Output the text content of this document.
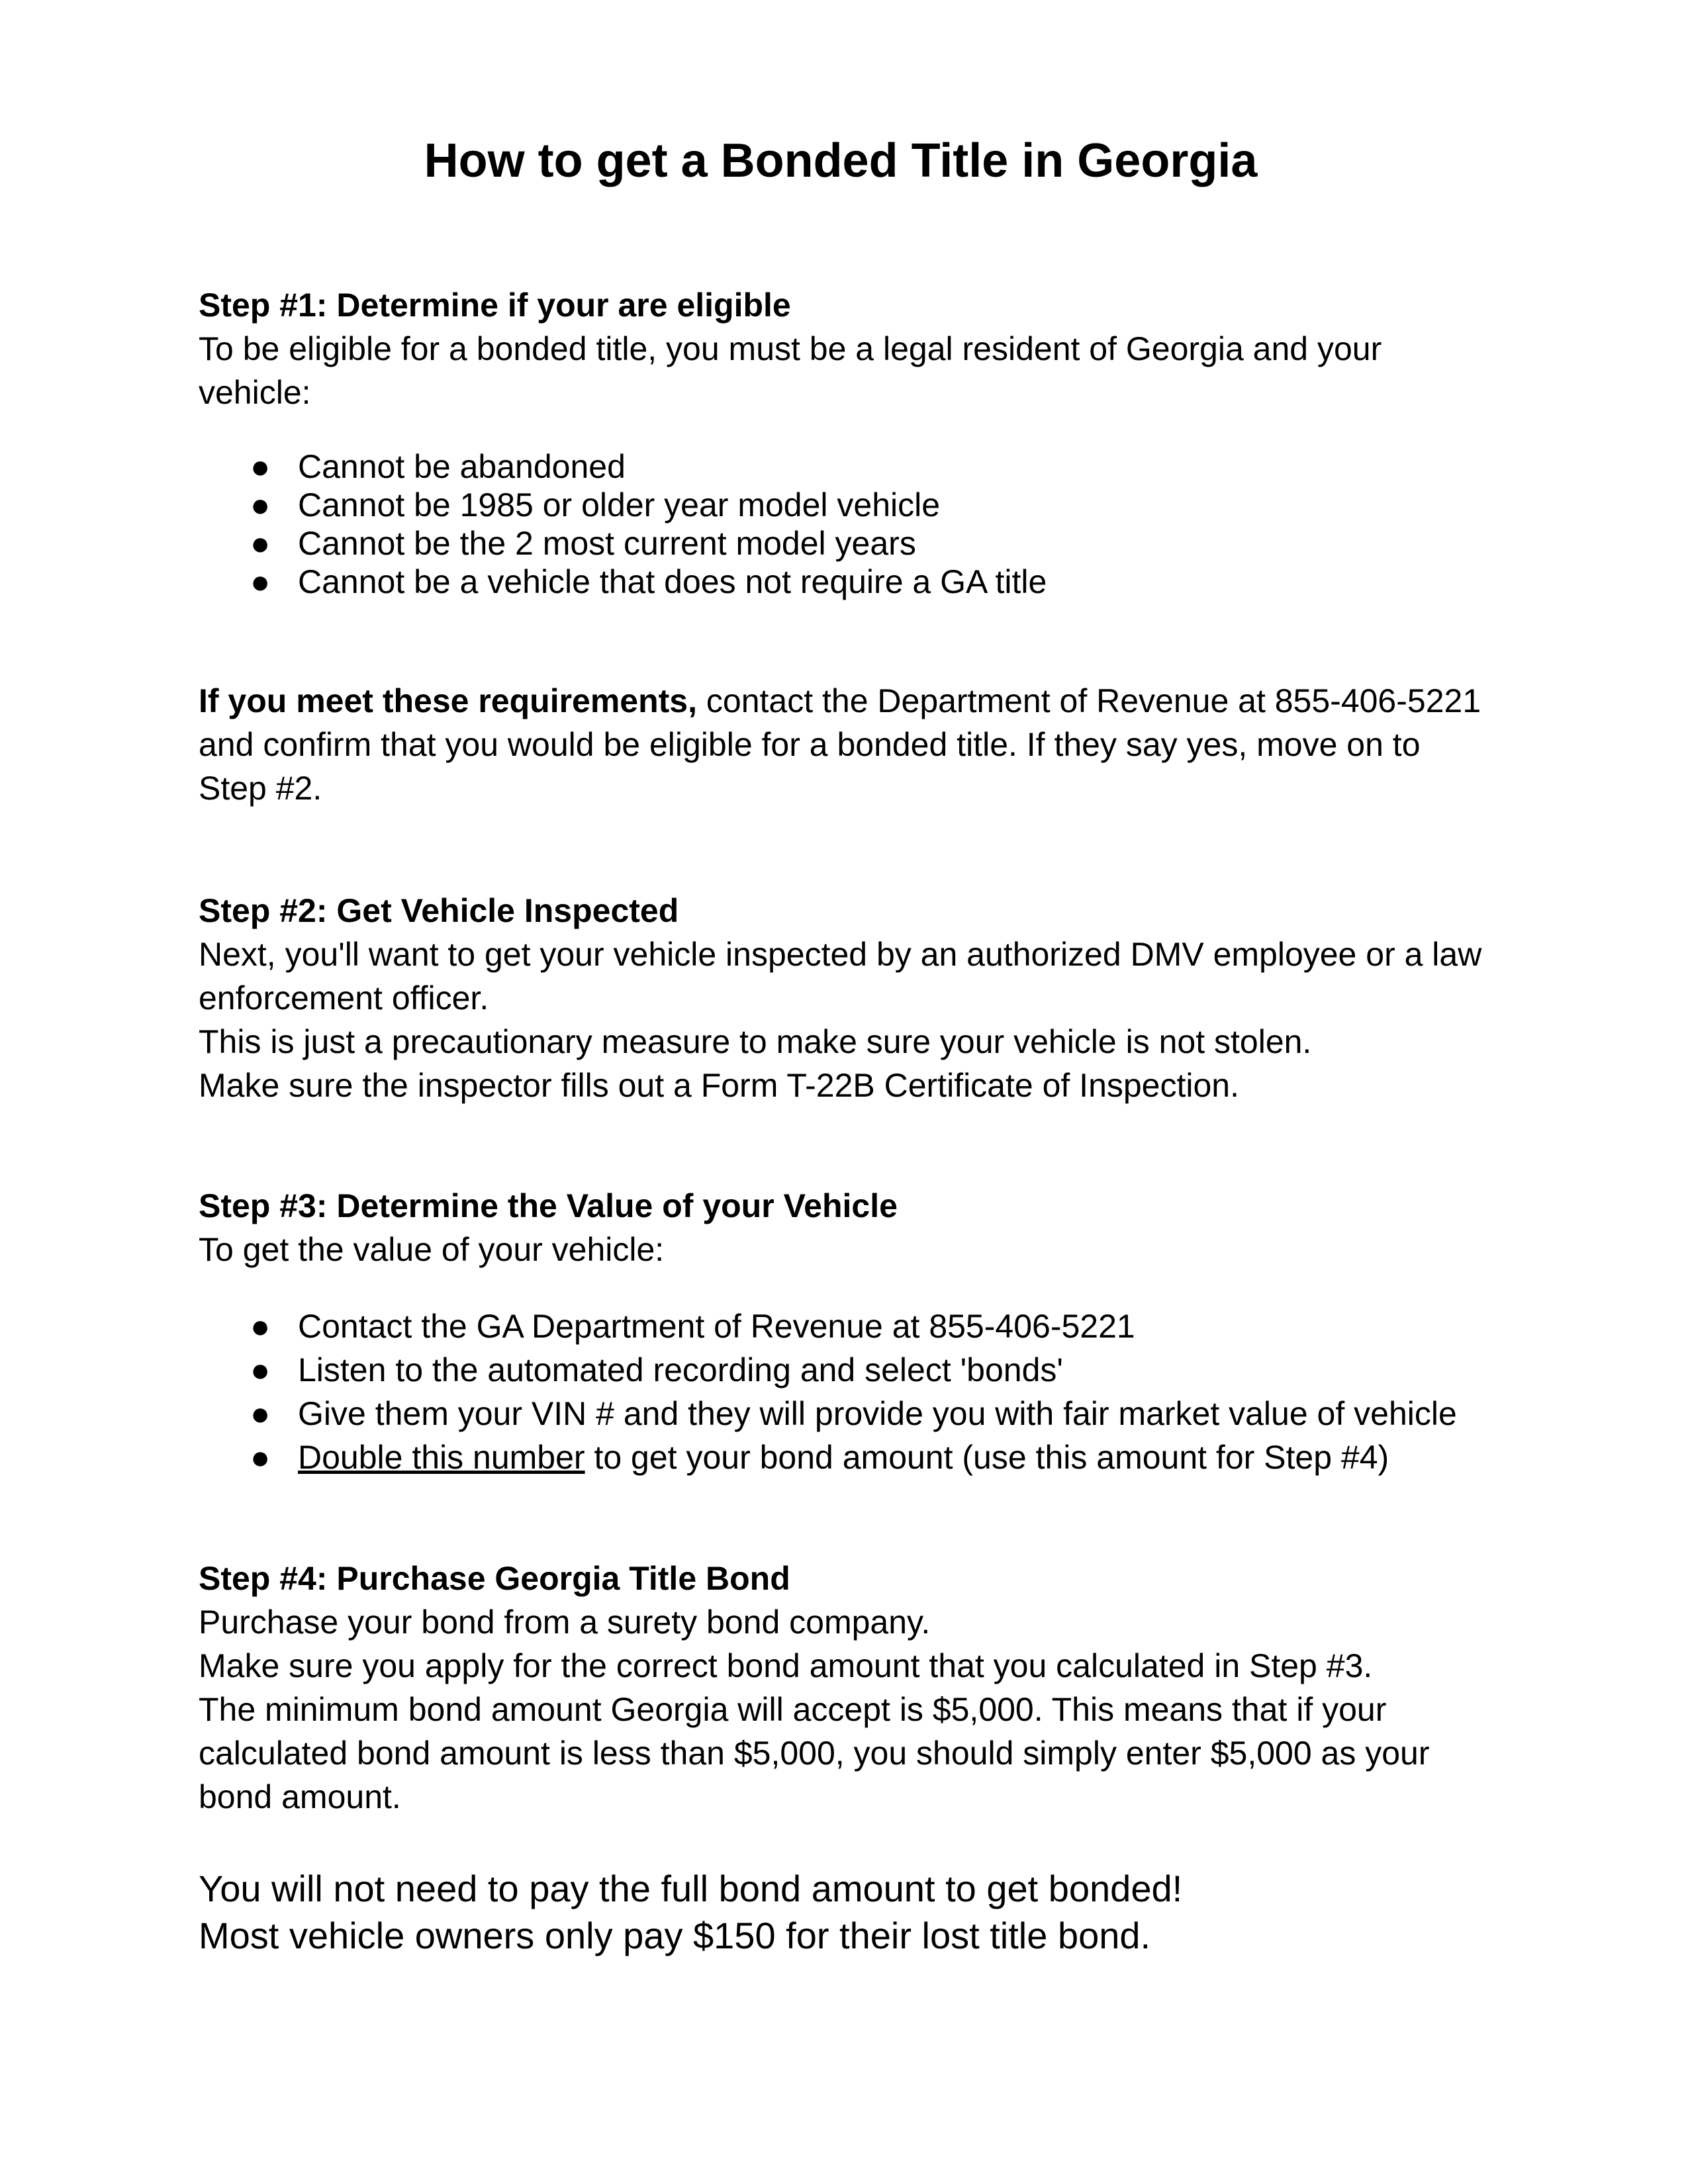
How to get a Bonded Title in Georgia
Step #1: Determine if your are eligible
To be eligible for a bonded title, you must be a legal resident of Georgia and your vehicle:
● Cannot be abandoned
● Cannot be 1985 or older year model vehicle
● Cannot be the 2 most current model years
● Cannot be a vehicle that does not require a GA title

If you meet these requirements, contact the Department of Revenue at 855-406-5221 and confirm that you would be eligible for a bonded title. If they say yes, move on to Step #2.

Step #2: Get Vehicle Inspected
Next, you'll want to get your vehicle inspected by an authorized DMV employee or a law enforcement officer.
This is just a precautionary measure to make sure your vehicle is not stolen.
Make sure the inspector fills out a Form T-22B Certificate of Inspection.
Step #3: Determine the Value of your Vehicle
To get the value of your vehicle:
● Contact the GA Department of Revenue at 855-406-5221
● Listen to the automated recording and select 'bonds'
● Give them your VIN # and they will provide you with fair market value of vehicle
● Double this number to get your bond amount (use this amount for Step #4)
Step #4: Purchase Georgia Title Bond
Purchase your bond from a surety bond company.
Make sure you apply for the correct bond amount that you calculated in Step #3.
The minimum bond amount Georgia will accept is $5,000. This means that if your calculated bond amount is less than $5,000, you should simply enter $5,000 as your bond amount.
You will not need to pay the full bond amount to get bonded!
Most vehicle owners only pay $150 for their lost title bond.
